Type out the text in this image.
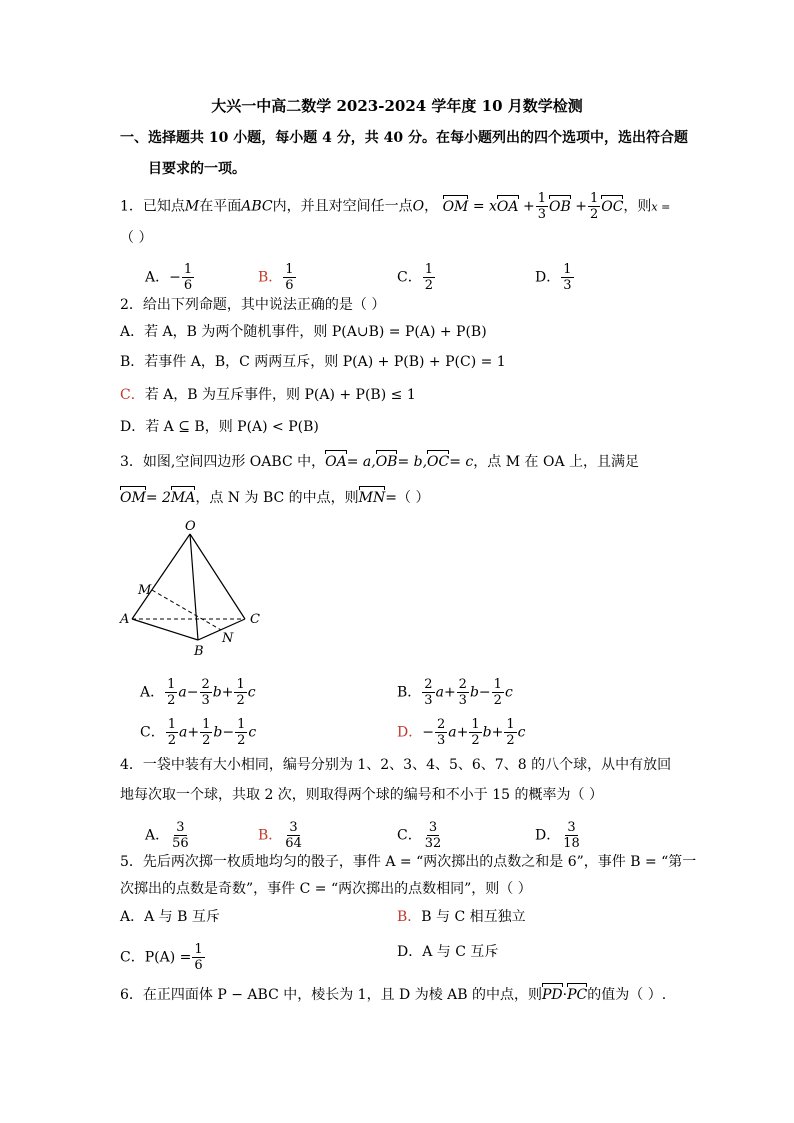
大兴一中高二数学 2023-2024 学年度 10 月数学检测
一、选择题共 10 小题，每小题 4 分，共 40 分。在每小题列出的四个选项中，选出符合题
目要求的一项。
1．已知点M在平面ABC内，并且对空间任一点O， OM = xOA + $\frac{1}{3}$ OB + $\frac{1}{2}$ OC，则x =
（ ）
A．− $\frac{1}{6}$	B． $\frac{1}{6}$	C． $\frac{1}{2}$	D． $\frac{1}{3}$
2．给出下列命题，其中说法正确的是（ ）
A．若 A，B 为两个随机事件，则 P(A∪B) = P(A) + P(B)
B．若事件 A，B，C 两两互斥，则 P(A) + P(B) + P(C) = 1
C．若 A，B 为互斥事件，则 P(A) + P(B) ≤ 1
D．若 A ⊆ B，则 P(A) < P(B)
3．如图,空间四边形 OABC 中，OA= a,OB= b,OC= c，点 M 在 OA 上，且满足
OM= 2MA，点 N 为 BC 的中点，则MN=（ ）
O
M
A
B
C
N
A． $\frac{1}{2} a- \frac{2}{3} b+ \frac{1}{2}$ c	B． $\frac{2}{3} a+ \frac{2}{3} b- \frac{1}{2}$ c
C． $\frac{1}{2} a+ \frac{1}{2} b- \frac{1}{2}$ c	D．− $\frac{2}{3} a+ \frac{1}{2} b+ \frac{1}{2}$ c
4．一袋中装有大小相同，编号分别为 1、2、3、4、5、6、7、8 的八个球，从中有放回
地每次取一个球，共取 2 次，则取得两个球的编号和不小于 15 的概率为（ ）
A． $\frac{3}{56}$	B． $\frac{3}{64}$	C． $\frac{3}{32}$	D． $\frac{3}{18}$
5．先后两次掷一枚质地均匀的骰子，事件 A = “两次掷出的点数之和是 6”，事件 B = “第一
次掷出的点数是奇数”，事件 C = “两次掷出的点数相同”，则（ ）
A．A 与 B 互斥	B．B 与 C 相互独立
C．$P(A) = \frac{1}{6}$	D．A 与 C 互斥
6．在正四面体 P − ABC 中，棱长为 1，且 D 为棱 AB 的中点，则PD·PC的值为（ ）.
